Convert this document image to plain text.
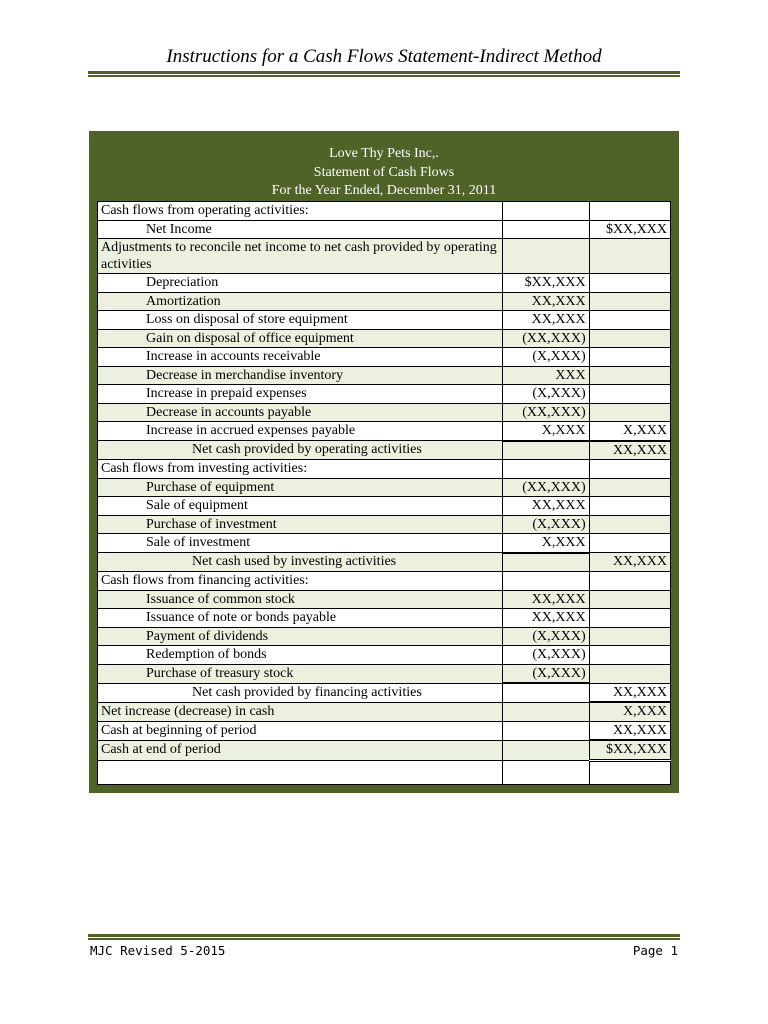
Instructions for a Cash Flows Statement-Indirect Method
Love Thy Pets Inc,.
Statement of Cash Flows
For the Year Ended, December 31, 2011
Cash flows from operating activities:		
Net Income		$XX,XXX
Adjustments to reconcile net income to net cash provided by operating activities		
Depreciation	$XX,XXX	
Amortization	XX,XXX	
Loss on disposal of store equipment	XX,XXX	
Gain on disposal of office equipment	(XX,XXX)	
Increase in accounts receivable	(X,XXX)	
Decrease in merchandise inventory	XXX	
Increase in prepaid expenses	(X,XXX)	
Decrease in accounts payable	(XX,XXX)	
Increase in accrued expenses payable	X,XXX	X,XXX
Net cash provided by operating activities		XX,XXX
Cash flows from investing activities:		
Purchase of equipment	(XX,XXX)	
Sale of equipment	XX,XXX	
Purchase of investment	(X,XXX)	
Sale of investment	X,XXX	
Net cash used by investing activities		XX,XXX
Cash flows from financing activities:		
Issuance of common stock	XX,XXX	
Issuance of note or bonds payable	XX,XXX	
Payment of dividends	(X,XXX)	
Redemption of bonds	(X,XXX)	
Purchase of treasury stock	(X,XXX)	
Net cash provided by financing activities		XX,XXX
Net increase (decrease) in cash		X,XXX
Cash at beginning of period		XX,XXX
Cash at end of period		$XX,XXX

MJC Revised 5-2015	Page 1
